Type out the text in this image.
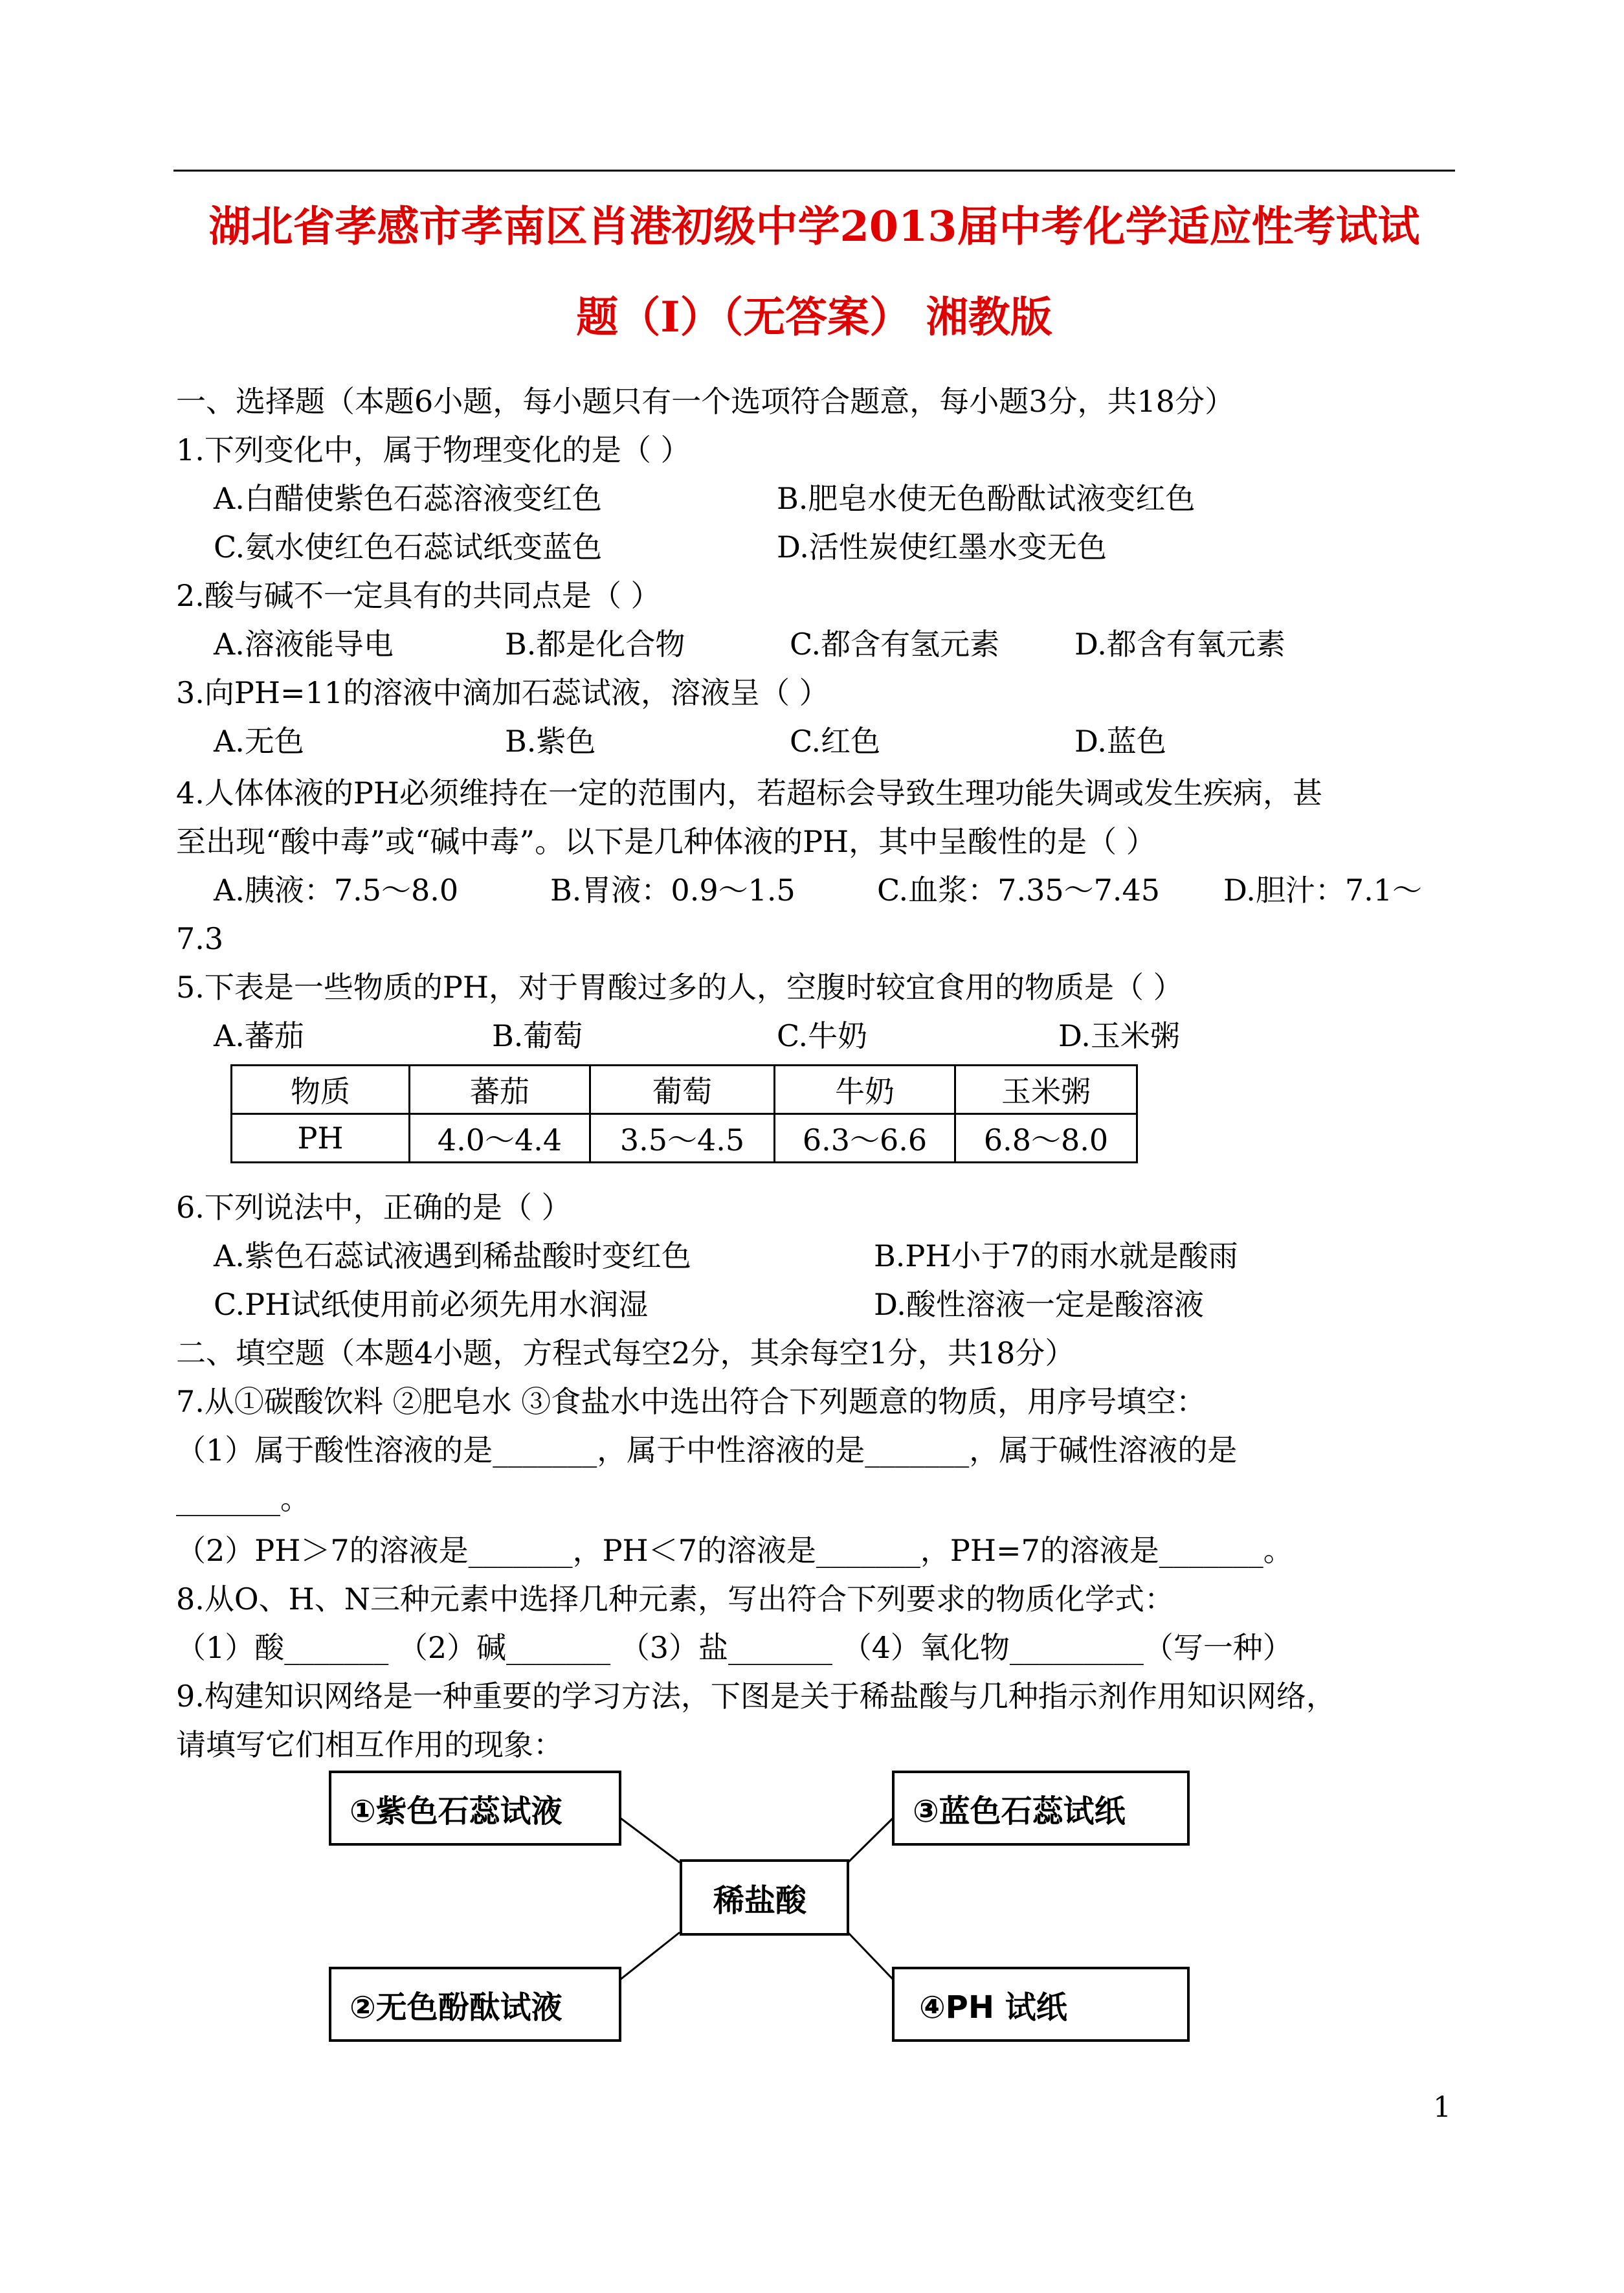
湖北省孝感市孝南区肖港初级中学2013届中考化学适应性考试试
题（I）（无答案） 湘教版
一、选择题（本题6小题，每小题只有一个选项符合题意，每小题3分，共18分）
1.下列变化中，属于物理变化的是（ ）
A.白醋使紫色石蕊溶液变红色	B.肥皂水使无色酚酞试液变红色
C.氨水使红色石蕊试纸变蓝色	D.活性炭使红墨水变无色
2.酸与碱不一定具有的共同点是（ ）
A.溶液能导电	B.都是化合物	C.都含有氢元素	D.都含有氧元素
3.向PH=11的溶液中滴加石蕊试液，溶液呈（ ）
A.无色	B.紫色	C.红色	D.蓝色
4.人体体液的PH必须维持在一定的范围内，若超标会导致生理功能失调或发生疾病，甚
至出现“酸中毒”或“碱中毒”。以下是几种体液的PH，其中呈酸性的是（ ）
A.胰液：7.5～8.0	B.胃液：0.9～1.5	C.血浆：7.35～7.45 D.胆汁：7.1～
7.3
5.下表是一些物质的PH，对于胃酸过多的人，空腹时较宜食用的物质是（ ）
A.蕃茄	B.葡萄	C.牛奶	D.玉米粥
物质	蕃茄	葡萄	牛奶	玉米粥
PH	4.0～4.4	3.5～4.5	6.3～6.6	6.8～8.0
6.下列说法中，正确的是（ ）
A.紫色石蕊试液遇到稀盐酸时变红色	B.PH小于7的雨水就是酸雨
C.PH试纸使用前必须先用水润湿	D.酸性溶液一定是酸溶液
二、填空题（本题4小题，方程式每空2分，其余每空1分，共18分）
7.从①碳酸饮料 ②肥皂水 ③食盐水中选出符合下列题意的物质，用序号填空：
（1）属于酸性溶液的是_______，属于中性溶液的是_______，属于碱性溶液的是
_______。
（2）PH＞7的溶液是_______，PH＜7的溶液是_______，PH=7的溶液是_______。
8.从O、H、N三种元素中选择几种元素，写出符合下列要求的物质化学式：
（1）酸_______ （2）碱_______ （3）盐_______ （4）氧化物_________（写一种）
9.构建知识网络是一种重要的学习方法，下图是关于稀盐酸与几种指示剂作用知识网络，
请填写它们相互作用的现象：
①紫色石蕊试液	③蓝色石蕊试纸
稀盐酸
②无色酚酞试液	④PH 试纸
1
